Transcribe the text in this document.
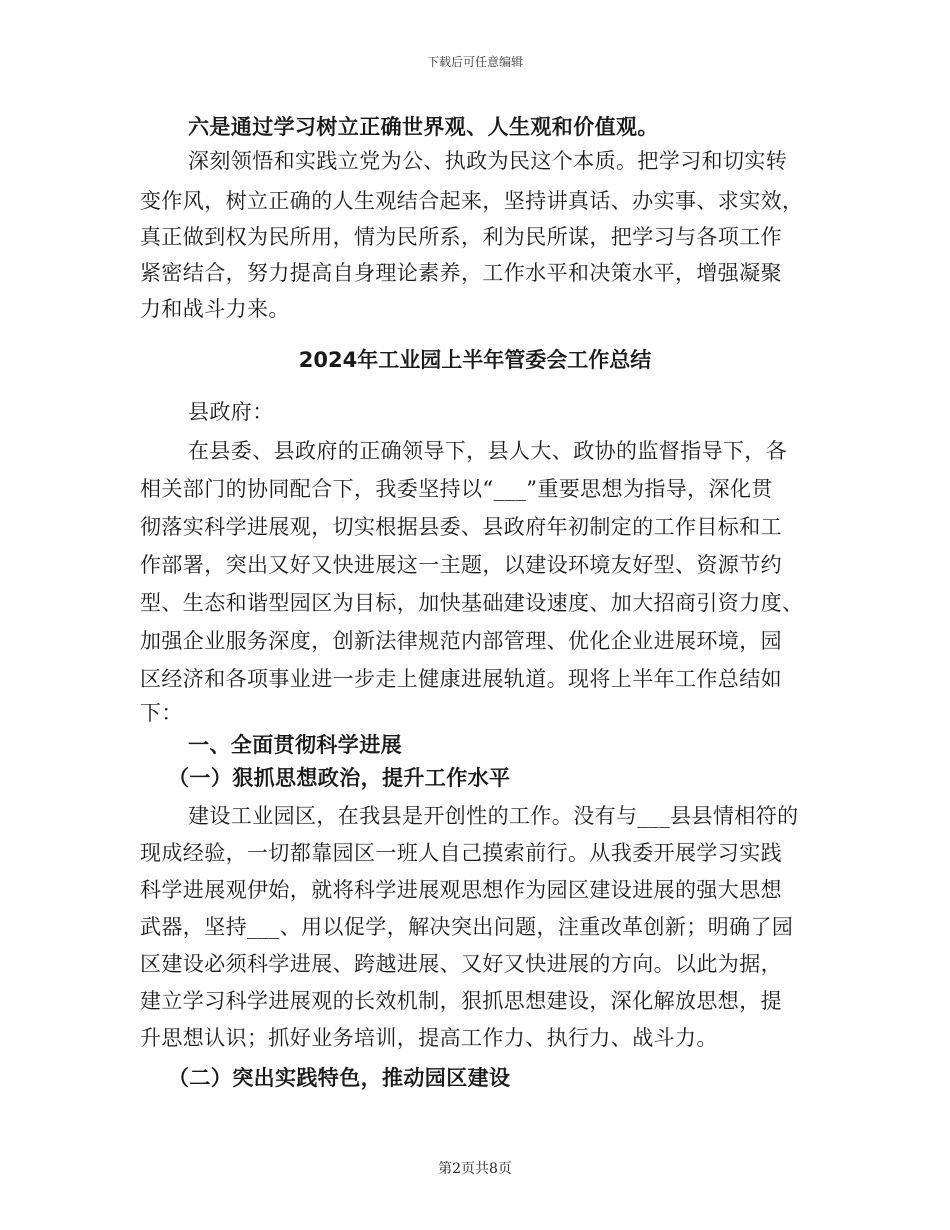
下载后可任意编辑
六是通过学习树立正确世界观、人生观和价值观。
深刻领悟和实践立党为公、执政为民这个本质。把学习和切实转
变作风，树立正确的人生观结合起来，坚持讲真话、办实事、求实效，
真正做到权为民所用，情为民所系，利为民所谋，把学习与各项工作
紧密结合，努力提高自身理论素养，工作水平和决策水平，增强凝聚
力和战斗力来。
2024年工业园上半年管委会工作总结
县政府：
在县委、县政府的正确领导下，县人大、政协的监督指导下，各
相关部门的协同配合下，我委坚持以“___”重要思想为指导，深化贯
彻落实科学进展观，切实根据县委、县政府年初制定的工作目标和工
作部署，突出又好又快进展这一主题，以建设环境友好型、资源节约
型、生态和谐型园区为目标，加快基础建设速度、加大招商引资力度、
加强企业服务深度，创新法律规范内部管理、优化企业进展环境，园
区经济和各项事业进一步走上健康进展轨道。现将上半年工作总结如
下：
一、全面贯彻科学进展
（一）狠抓思想政治，提升工作水平
建设工业园区，在我县是开创性的工作。没有与___县县情相符的
现成经验，一切都靠园区一班人自己摸索前行。从我委开展学习实践
科学进展观伊始，就将科学进展观思想作为园区建设进展的强大思想
武器，坚持___、用以促学，解决突出问题，注重改革创新；明确了园
区建设必须科学进展、跨越进展、又好又快进展的方向。以此为据，
建立学习科学进展观的长效机制，狠抓思想建设，深化解放思想，提
升思想认识；抓好业务培训，提高工作力、执行力、战斗力。
（二）突出实践特色，推动园区建设
第2页共8页
